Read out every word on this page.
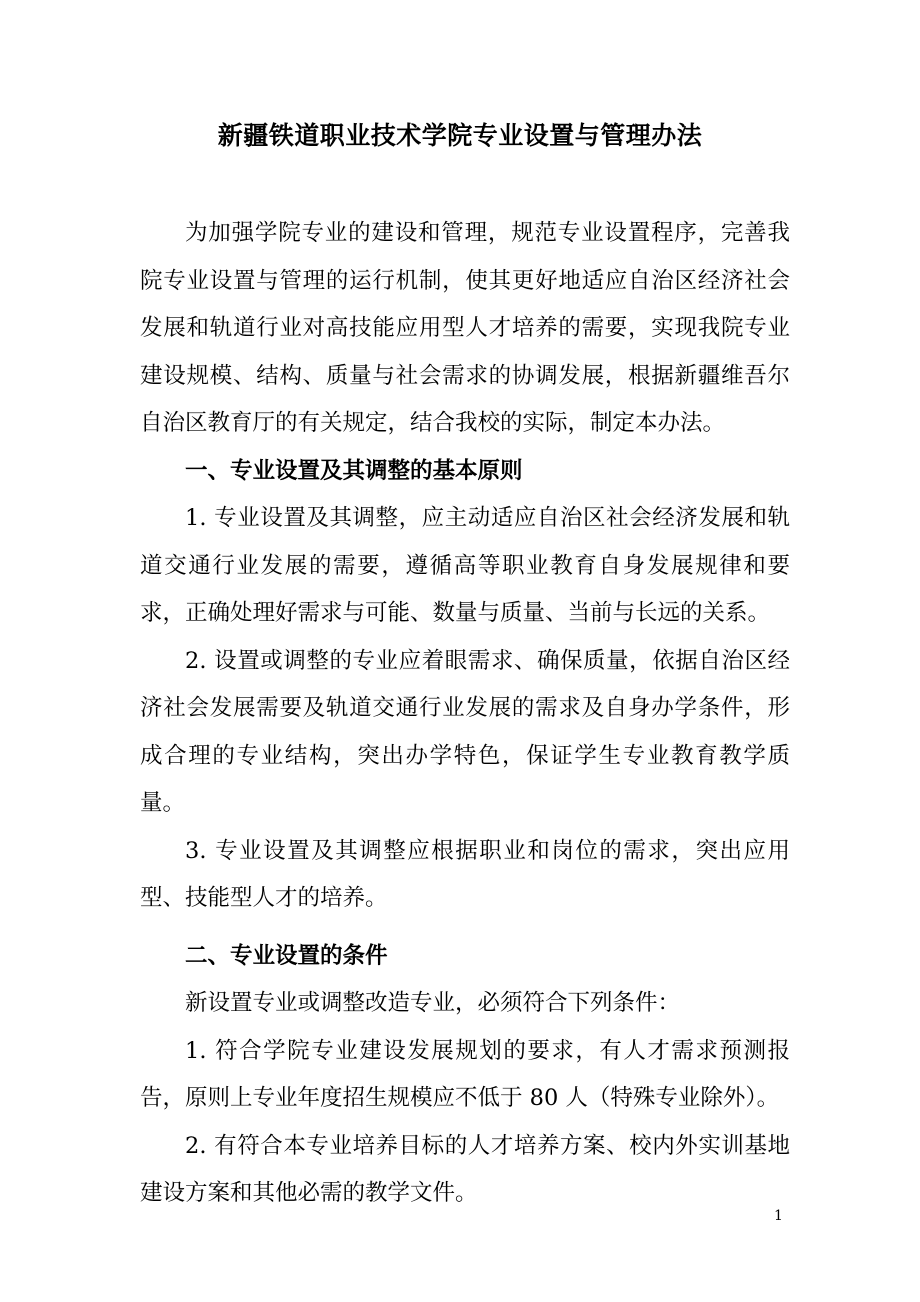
新疆铁道职业技术学院专业设置与管理办法

为加强学院专业的建设和管理，规范专业设置程序，完善我院专业设置与管理的运行机制，使其更好地适应自治区经济社会发展和轨道行业对高技能应用型人才培养的需要，实现我院专业建设规模、结构、质量与社会需求的协调发展，根据新疆维吾尔自治区教育厅的有关规定，结合我校的实际，制定本办法。

一、专业设置及其调整的基本原则

1. 专业设置及其调整，应主动适应自治区社会经济发展和轨道交通行业发展的需要，遵循高等职业教育自身发展规律和要求，正确处理好需求与可能、数量与质量、当前与长远的关系。

2. 设置或调整的专业应着眼需求、确保质量，依据自治区经济社会发展需要及轨道交通行业发展的需求及自身办学条件，形成合理的专业结构，突出办学特色，保证学生专业教育教学质量。

3. 专业设置及其调整应根据职业和岗位的需求，突出应用型、技能型人才的培养。

二、专业设置的条件

新设置专业或调整改造专业，必须符合下列条件：

1. 符合学院专业建设发展规划的要求，有人才需求预测报告，原则上专业年度招生规模应不低于 80 人（特殊专业除外）。

2. 有符合本专业培养目标的人才培养方案、校内外实训基地建设方案和其他必需的教学文件。

1
